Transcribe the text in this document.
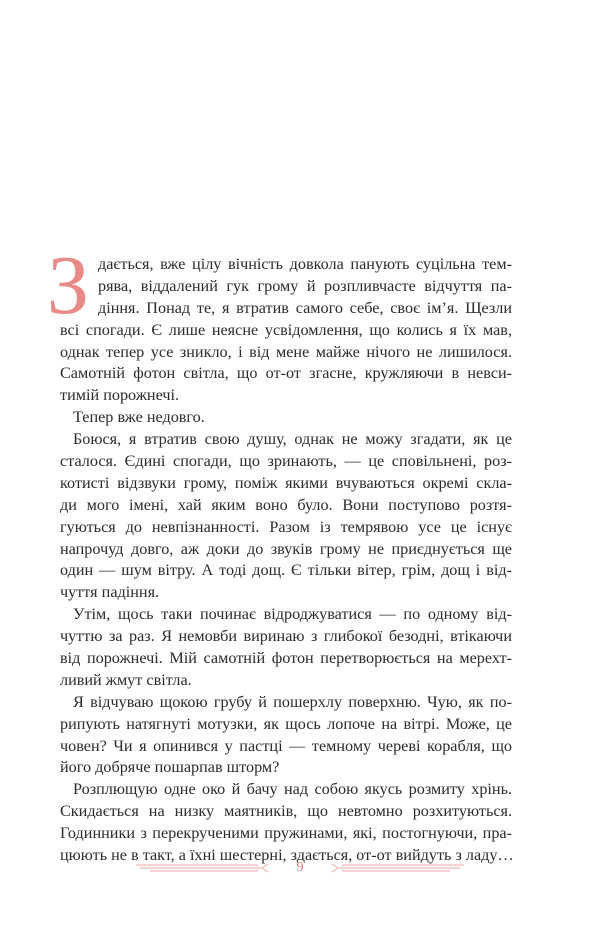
З дається, вже цілу вічність довкола панують суцільна тем-
рява, віддалений гук грому й розпливчасте відчуття па-
діння. Понад те, я втратив самого себе, своє ім’я. Щезли
всі спогади. Є лише неясне усвідомлення, що колись я їх мав,
однак тепер усе зникло, і від мене майже нічого не лишилося.
Самотній фотон світла, що от-от згасне, кружляючи в невси-
тимій порожнечі.
Тепер вже недовго.
Боюся, я втратив свою душу, однак не можу згадати, як це
сталося. Єдині спогади, що зринають, — це сповільнені, роз-
котисті відзвуки грому, поміж якими вчуваються окремі скла-
ди мого імені, хай яким воно було. Вони поступово розтя-
гуються до невпізнанності. Разом із темрявою усе це існує
напрочуд довго, аж доки до звуків грому не приєднується ще
один — шум вітру. А тоді дощ. Є тільки вітер, грім, дощ і від-
чуття падіння.
Утім, щось таки починає відроджуватися — по одному від-
чуттю за раз. Я немовби виринаю з глибокої безодні, втікаючи
від порожнечі. Мій самотній фотон перетворюється на мерехт-
ливий жмут світла.
Я відчуваю щокою грубу й пошерхлу поверхню. Чую, як по-
рипують натягнуті мотузки, як щось лопоче на вітрі. Може, це
човен? Чи я опинився у пастці — темному череві корабля, що
його добряче пошарпав шторм?
Розплющую одне око й бачу над собою якусь розмиту хрінь.
Скидається на низку маятників, що невтомно розхитуються.
Годинники з перекрученими пружинами, які, постогнуючи, пра-
цюють не в такт, а їхні шестерні, здається, от-от вийдуть з ладу…
9
